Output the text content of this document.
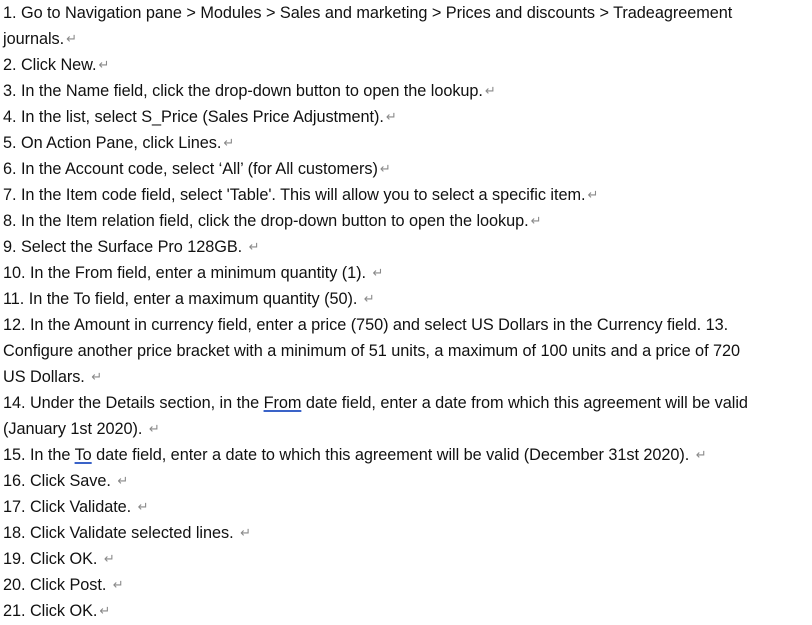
1. Go to Navigation pane > Modules > Sales and marketing > Prices and discounts > Tradeagreement
journals. ↵
2. Click New. ↵
3. In the Name field, click the drop-down button to open the lookup. ↵
4. In the list, select S_Price (Sales Price Adjustment). ↵
5. On Action Pane, click Lines. ↵
6. In the Account code, select ‘All’ (for All customers) ↵
7. In the Item code field, select 'Table'. This will allow you to select a specific item. ↵
8. In the Item relation field, click the drop-down button to open the lookup. ↵
9. Select the Surface Pro 128GB. ↵
10. In the From field, enter a minimum quantity (1). ↵
11. In the To field, enter a maximum quantity (50). ↵
12. In the Amount in currency field, enter a price (750) and select US Dollars in the Currency field. 13.
Configure another price bracket with a minimum of 51 units, a maximum of 100 units and a price of 720
US Dollars. ↵
14. Under the Details section, in the From date field, enter a date from which this agreement will be valid
(January 1st 2020). ↵
15. In the To date field, enter a date to which this agreement will be valid (December 31st 2020). ↵
16. Click Save. ↵
17. Click Validate. ↵
18. Click Validate selected lines. ↵
19. Click OK. ↵
20. Click Post. ↵
21. Click OK. ↵
